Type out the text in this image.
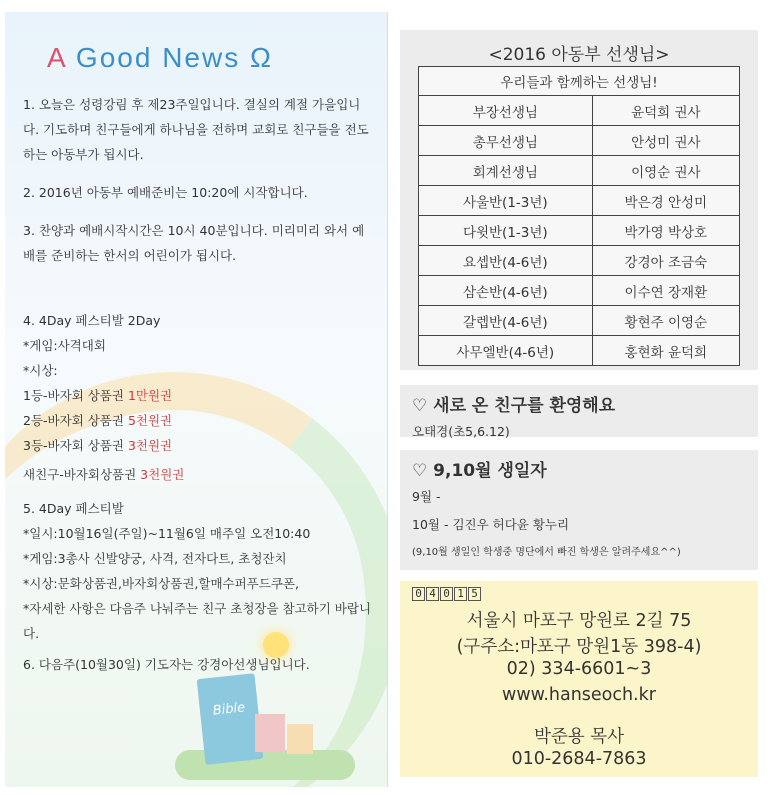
Bible
A Good News Ω
1. 오늘은 성령강림 후 제23주일입니다. 결실의 계절 가을입니다. 기도하며 친구들에게 하나님을 전하며 교회로 친구들을 전도하는 아동부가 됩시다.
2. 2016년 아동부 예배준비는 10:20에 시작합니다.
3. 찬양과 예배시작시간은 10시 40분입니다. 미리미리 와서 예배를 준비하는 한서의 어린이가 됩시다.
4. 4Day 페스티발 2Day
*게임:사격대회
*시상:
1등-바자회 상품권 1만원권
2등-바자회 상품권 5천원권
3등-바자회 상품권 3천원권
새친구-바자회상품권 3천원권
5. 4Day 페스티발
*일시:10월16일(주일)~11월6일 매주일 오전10:40
*게임:3총사 신발양궁, 사격, 전자다트, 초청잔치
*시상:문화상품권,바자회상품권,할매수퍼푸드쿠폰,
*자세한 사항은 다음주 나눠주는 친구 초청장을 참고하기 바랍니다.
6. 다음주(10월30일) 기도자는 강경아선생님입니다.
<2016 아동부 선생님>
우리들과 함께하는 선생님!	
부장선생님	윤덕희 권사
총무선생님	안성미 권사
회계선생님	이영순 권사
사울반(1-3년)	박은경 안성미
다윗반(1-3년)	박가영 박상호
요셉반(4-6년)	강경아 조금숙
삼손반(4-6년)	이수연 장재환
갈렙반(4-6년)	황현주 이영순
사무엘반(4-6년)	홍현화 윤덕희
♡ 새로 온 친구를 환영해요
오태경(초5,6.12)
♡ 9,10월 생일자
9월 -
10월 - 김진우 허다윤 황누리
(9,10월 생일인 학생중 명단에서 빠진 학생은 알려주세요^^)
0 4 0 1 5
서울시 마포구 망원로 2길 75
(구주소:마포구 망원1동 398-4)
02) 334-6601~3
www.hanseoch.kr
박준용 목사
010-2684-7863
